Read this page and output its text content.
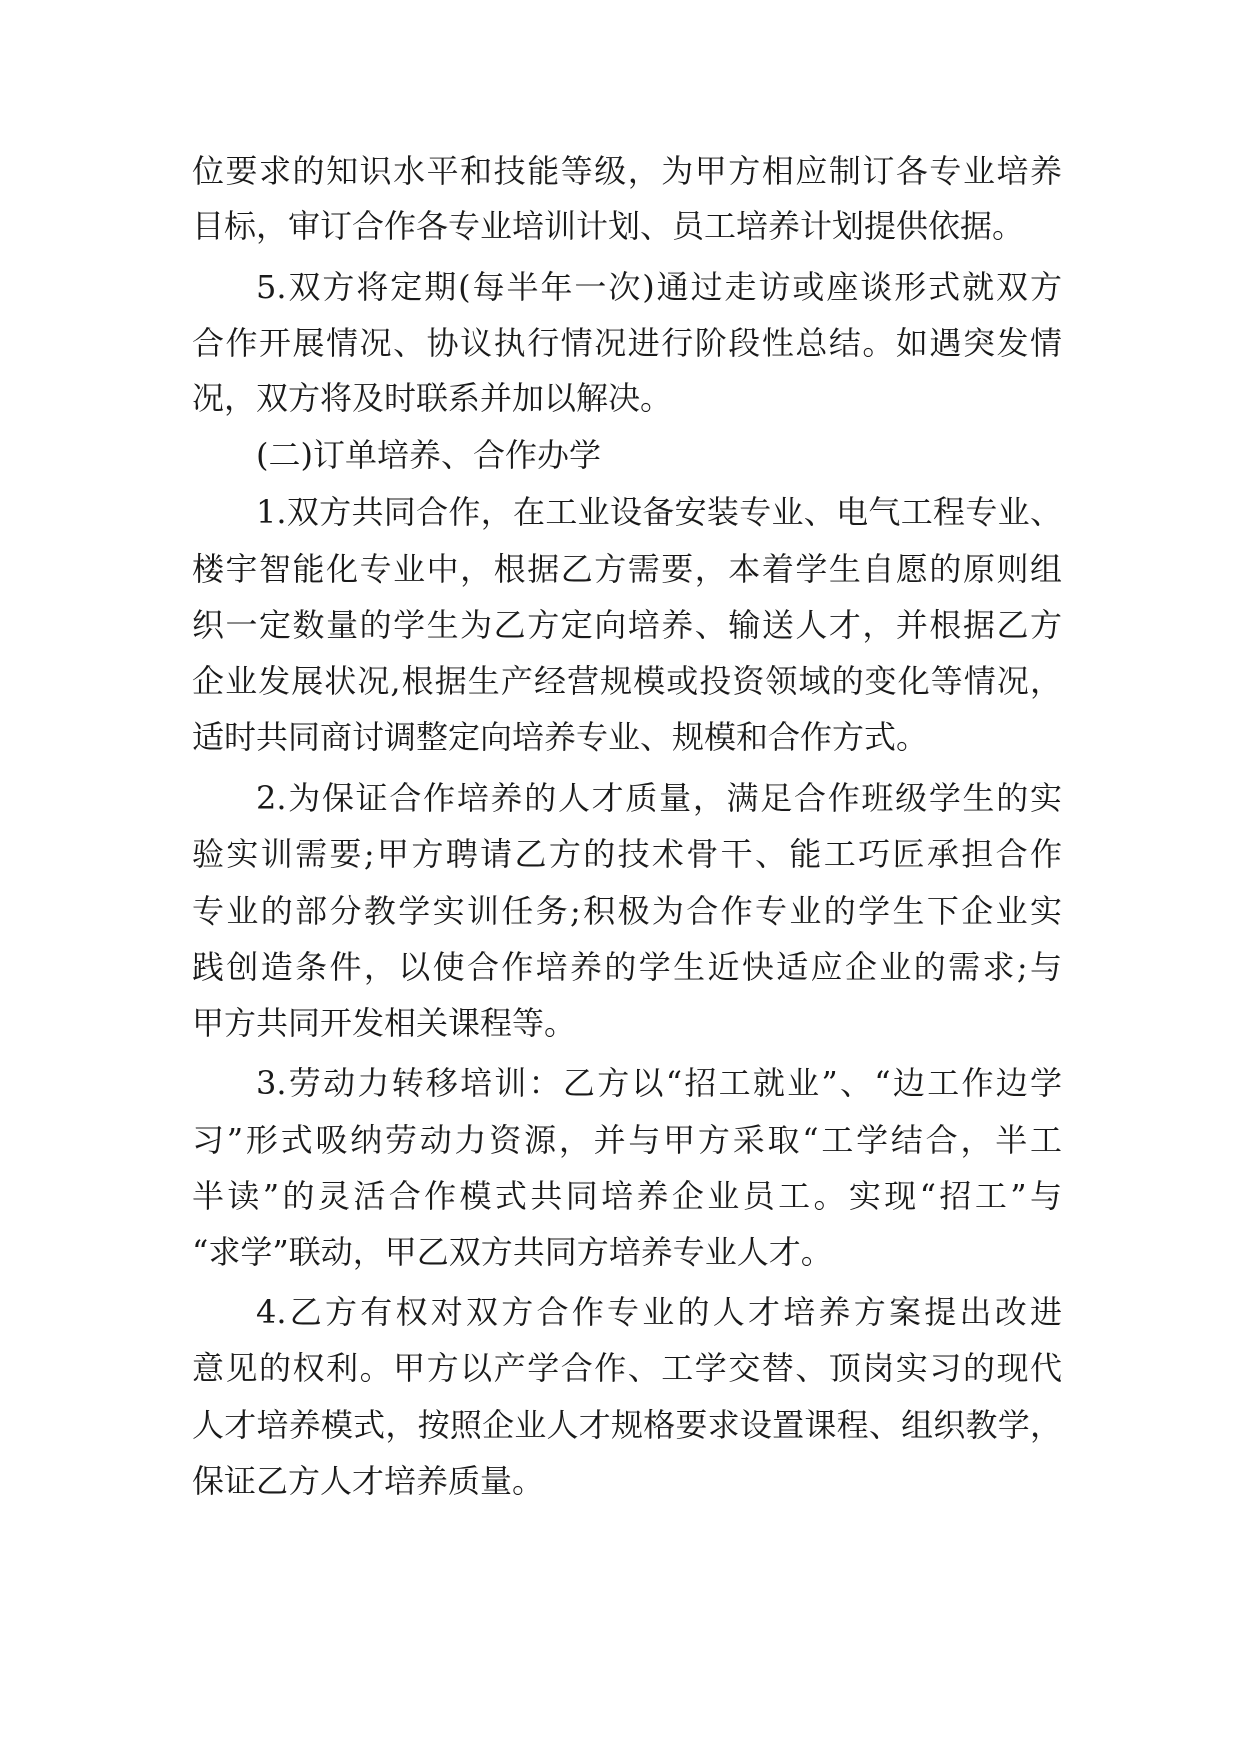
位要求的知识水平和技能等级，为甲方相应制订各专业培养
目标，审订合作各专业培训计划、员工培养计划提供依据。
5.双方将定期(每半年一次)通过走访或座谈形式就双方
合作开展情况、协议执行情况进行阶段性总结。如遇突发情
况，双方将及时联系并加以解决。
(二)订单培养、合作办学
1.双方共同合作，在工业设备安装专业、电气工程专业、
楼宇智能化专业中，根据乙方需要，本着学生自愿的原则组
织一定数量的学生为乙方定向培养、输送人才，并根据乙方
企业发展状况,根据生产经营规模或投资领域的变化等情况，
适时共同商讨调整定向培养专业、规模和合作方式。
2.为保证合作培养的人才质量，满足合作班级学生的实
验实训需要;甲方聘请乙方的技术骨干、能工巧匠承担合作
专业的部分教学实训任务;积极为合作专业的学生下企业实
践创造条件，以使合作培养的学生近快适应企业的需求;与
甲方共同开发相关课程等。
3.劳动力转移培训：乙方以“招工就业”、“边工作边学
习”形式吸纳劳动力资源，并与甲方采取“工学结合，半工
半读”的灵活合作模式共同培养企业员工。实现“招工”与
“求学”联动，甲乙双方共同方培养专业人才。
4.乙方有权对双方合作专业的人才培养方案提出改进
意见的权利。甲方以产学合作、工学交替、顶岗实习的现代
人才培养模式，按照企业人才规格要求设置课程、组织教学，
保证乙方人才培养质量。
